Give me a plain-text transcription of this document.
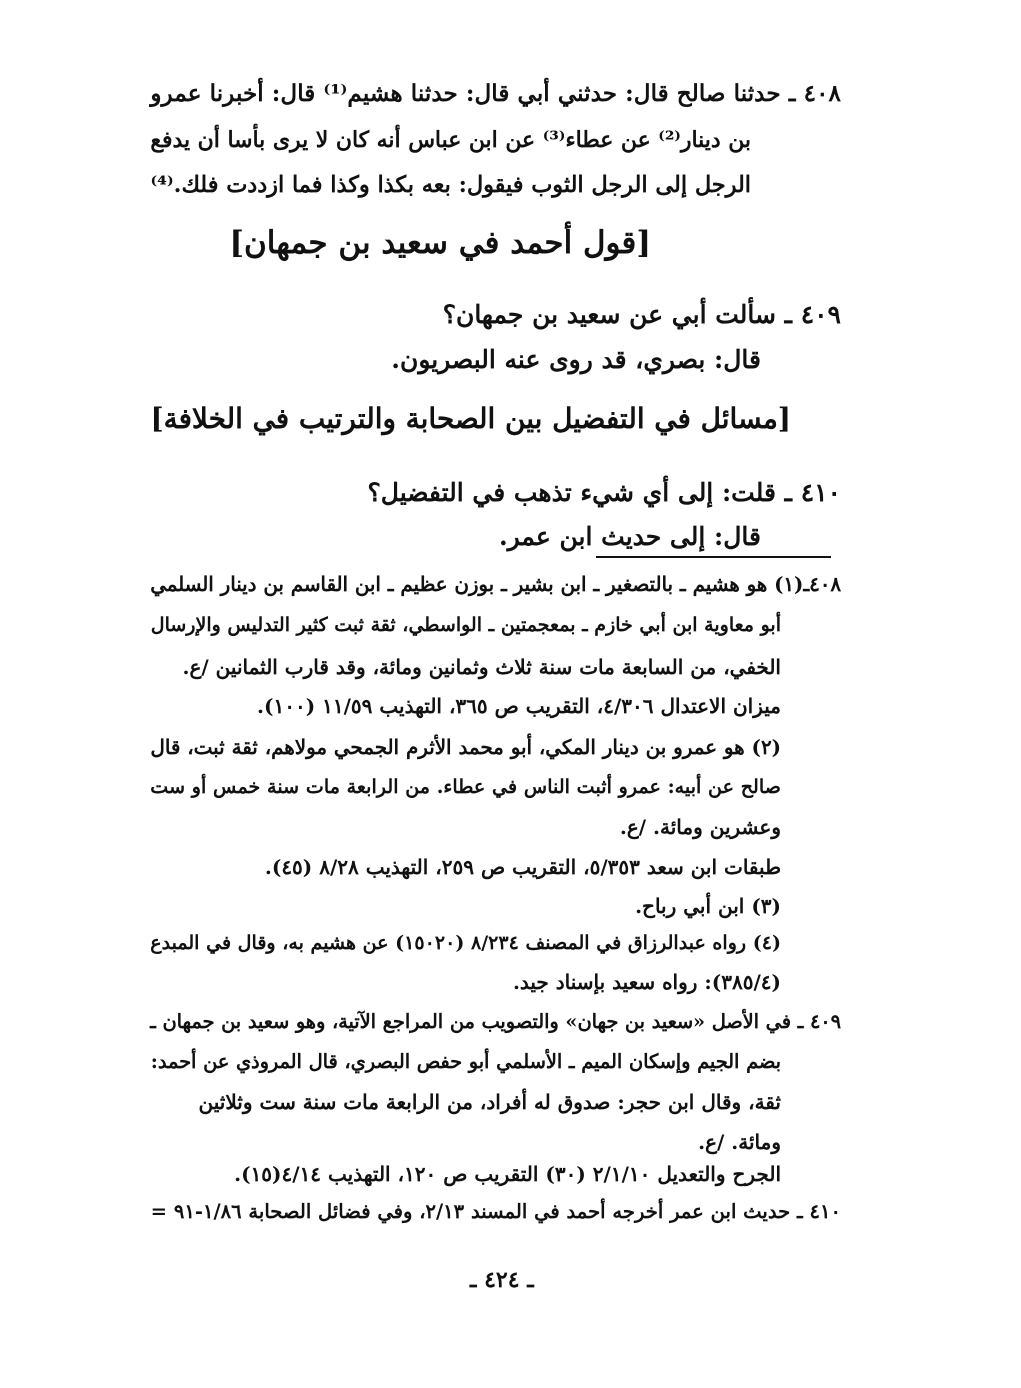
٤٠٨ ـ حدثنا صالح قال: حدثني أبي قال: حدثنا هشيم⁽¹⁾ قال: أخبرنا عمرو
بن دينار⁽²⁾ عن عطاء⁽³⁾ عن ابن عباس أنه كان لا يرى بأسا أن يدفع
الرجل إلى الرجل الثوب فيقول: بعه بكذا وكذا فما ازددت فلك.⁽⁴⁾
[قول أحمد في سعيد بن جمهان]
٤٠٩ ـ سألت أبي عن سعيد بن جمهان؟
قال: بصري، قد روى عنه البصريون.
[مسائل في التفضيل بين الصحابة والترتيب في الخلافة]
٤١٠ ـ قلت: إلى أي شيء تذهب في التفضيل؟
قال: إلى حديث ابن عمر.
٤٠٨ـ(١) هو هشيم ـ بالتصغير ـ ابن بشير ـ بوزن عظيم ـ ابن القاسم بن دينار السلمي
أبو معاوية ابن أبي خازم ـ بمعجمتين ـ الواسطي، ثقة ثبت كثير التدليس والإرسال
الخفي، من السابعة مات سنة ثلاث وثمانين ومائة، وقد قارب الثمانين /ع.
ميزان الاعتدال ٤/٣٠٦، التقريب ص ٣٦٥، التهذيب ١١/٥٩ (١٠٠).
(٢) هو عمرو بن دينار المكي، أبو محمد الأثرم الجمحي مولاهم، ثقة ثبت، قال
صالح عن أبيه: عمرو أثبت الناس في عطاء. من الرابعة مات سنة خمس أو ست
وعشرين ومائة. /ع.
طبقات ابن سعد ٥/٣٥٣، التقريب ص ٢٥٩، التهذيب ٨/٢٨ (٤٥).
(٣) ابن أبي رباح.
(٤) رواه عبدالرزاق في المصنف ٨/٢٣٤ (١٥٠٢٠) عن هشيم به، وقال في المبدع
(٣٨٥/٤): رواه سعيد بإسناد جيد.
٤٠٩ ـ في الأصل «سعيد بن جهان» والتصويب من المراجع الآتية، وهو سعيد بن جمهان ـ
بضم الجيم وإسكان الميم ـ الأسلمي أبو حفص البصري، قال المروذي عن أحمد:
ثقة، وقال ابن حجر: صدوق له أفراد، من الرابعة مات سنة ست وثلاثين
ومائة. /ع.
الجرح والتعديل ٢/١/١٠ (٣٠) التقريب ص ١٢٠، التهذيب ٤/١٤(١٥).
٤١٠ ـ حديث ابن عمر أخرجه أحمد في المسند ٢/١٣، وفي فضائل الصحابة ١/٨٦-٩١ =
ـ ٤٢٤ ـ
